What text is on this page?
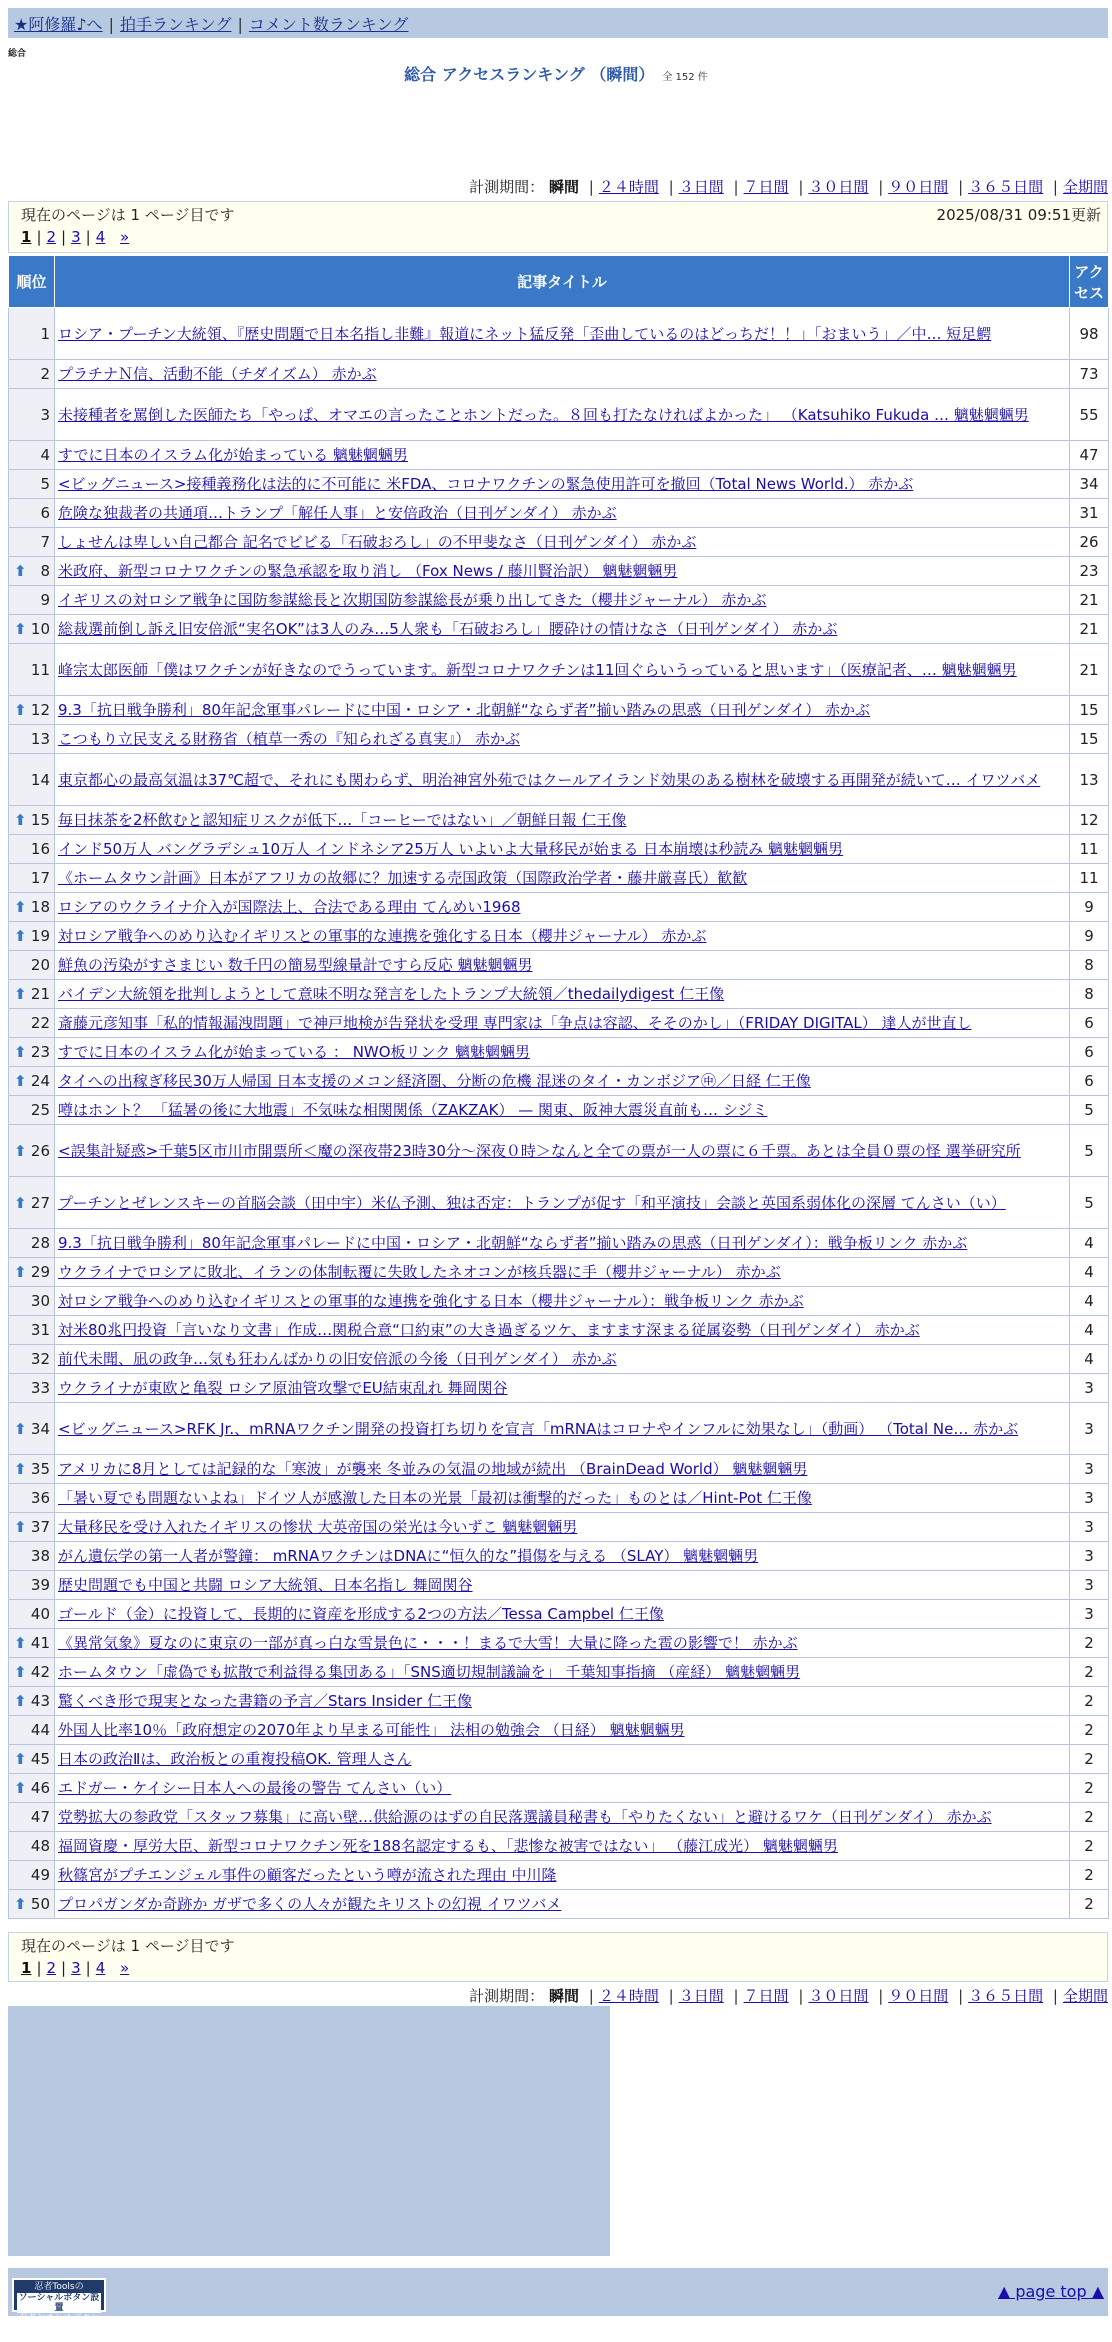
★阿修羅♪へ | 拍手ランキング | コメント数ランキング
総合
総合 アクセスランキング （瞬間） 全 152 件
計測期間： 瞬間 | ２４時間 | ３日間 | ７日間 | ３０日間 | ９０日間 | ３６５日間 | 全期間
現在のページは 1 ページ目です	2025/08/31 09:51更新
1 | 2 | 3 | 4 »
順位	記事タイトル	アクセス
1	ロシア・プーチン大統領、『歴史問題で日本名指し非難』報道にネット猛反発「歪曲しているのはどっちだ！！」「おまいう」／中… 短足鰐	98
2	プラチナＮ信、活動不能（チダイズム） 赤かぶ	73
3	未接種者を罵倒した医師たち「やっぱ、オマエの言ったことホントだった。８回も打たなければよかった」 （Katsuhiko Fukuda … 魑魅魍魎男	55
4	すでに日本のイスラム化が始まっている 魑魅魍魎男	47
5	<ビッグニュース>接種義務化は法的に不可能に 米FDA、コロナワクチンの緊急使用許可を撤回（Total News World.） 赤かぶ	34
6	危険な独裁者の共通項…トランプ「解任人事」と安倍政治（日刊ゲンダイ） 赤かぶ	31
7	しょせんは卑しい自己都合 記名でビビる「石破おろし」の不甲斐なさ（日刊ゲンダイ） 赤かぶ	26

⬆ 8	米政府、新型コロナワクチンの緊急承認を取り消し （Fox News / 藤川賢治訳） 魑魅魍魎男	23
9	イギリスの対ロシア戦争に国防参謀総長と次期国防参謀総長が乗り出してきた（櫻井ジャーナル） 赤かぶ	21

⬆ 10	総裁選前倒し訴え旧安倍派“実名OK”は3人のみ…5人衆も「石破おろし」腰砕けの情けなさ（日刊ゲンダイ） 赤かぶ	21
11	峰宗太郎医師「僕はワクチンが好きなのでうっています。新型コロナワクチンは11回ぐらいうっていると思います」（医療記者、… 魑魅魍魎男	21

⬆ 12	9.3「抗日戦争勝利」80年記念軍事パレードに中国・ロシア・北朝鮮“ならず者”揃い踏みの思惑（日刊ゲンダイ） 赤かぶ	15
13	こつもり立民支える財務省（植草一秀の『知られざる真実』） 赤かぶ	15
14	東京都心の最高気温は37℃超で、それにも関わらず、明治神宮外苑ではクールアイランド効果のある樹林を破壊する再開発が続いて… イワツバメ	13

⬆ 15	毎日抹茶を2杯飲むと認知症リスクが低下…「コーヒーではない」／朝鮮日報 仁王像	12
16	インド50万人 バングラデシュ10万人 インドネシア25万人 いよいよ大量移民が始まる 日本崩壊は秒読み 魑魅魍魎男	11
17	《ホームタウン計画》日本がアフリカの故郷に？加速する売国政策（国際政治学者・藤井厳喜氏）歓歓	11

⬆ 18	ロシアのウクライナ介入が国際法上、合法である理由 てんめい1968	9

⬆ 19	対ロシア戦争へのめり込むイギリスとの軍事的な連携を強化する日本（櫻井ジャーナル） 赤かぶ	9
20	鮮魚の汚染がすさまじい 数千円の簡易型線量計ですら反応 魑魅魍魎男	8

⬆ 21	バイデン大統領を批判しようとして意味不明な発言をしたトランプ大統領／thedailydigest 仁王像	8
22	斎藤元彦知事「私的情報漏洩問題」で神戸地検が告発状を受理 専門家は「争点は容認、そそのかし」（FRIDAY DIGITAL） 達人が世直し	6

⬆ 23	すでに日本のイスラム化が始まっている ： NWO板リンク 魑魅魍魎男	6

⬆ 24	タイへの出稼ぎ移民30万人帰国 日本支援のメコン経済圏、分断の危機 混迷のタイ・カンボジア㊥／日経 仁王像	6
25	噂はホント？ 「猛暑の後に大地震」不気味な相関関係（ZAKZAK） — 関東、阪神大震災直前も… シジミ	5

⬆ 26	<誤集計疑惑>千葉5区市川市開票所＜魔の深夜帯23時30分～深夜０時＞なんと全ての票が一人の票に６千票。あとは全員０票の怪 選挙研究所	5

⬆ 27	プーチンとゼレンスキーの首脳会談（田中宇）米仏予測、独は否定：トランプが促す「和平演技」会談と英国系弱体化の深層 てんさい（い）	5
28	9.3「抗日戦争勝利」80年記念軍事パレードに中国・ロシア・北朝鮮“ならず者”揃い踏みの思惑（日刊ゲンダイ）：戦争板リンク 赤かぶ	4

⬆ 29	ウクライナでロシアに敗北、イランの体制転覆に失敗したネオコンが核兵器に手（櫻井ジャーナル） 赤かぶ	4
30	対ロシア戦争へのめり込むイギリスとの軍事的な連携を強化する日本（櫻井ジャーナル）：戦争板リンク 赤かぶ	4
31	対米80兆円投資「言いなり文書」作成…関税合意“口約束”の大き過ぎるツケ、ますます深まる従属姿勢（日刊ゲンダイ） 赤かぶ	4
32	前代未聞、凪の政争…気も狂わんばかりの旧安倍派の今後（日刊ゲンダイ） 赤かぶ	4
33	ウクライナが東欧と亀裂 ロシア原油管攻撃でEU結束乱れ 舞岡関谷	3

⬆ 34	<ビッグニュース>RFK Jr.、mRNAワクチン開発の投資打ち切りを宣言「mRNAはコロナやインフルに効果なし」（動画） （Total Ne… 赤かぶ	3

⬆ 35	アメリカに8月としては記録的な「寒波」が襲来 冬並みの気温の地域が続出 （BrainDead World） 魑魅魍魎男	3
36	「暑い夏でも問題ないよね」ドイツ人が感激した日本の光景「最初は衝撃的だった」ものとは／Hint-Pot 仁王像	3

⬆ 37	大量移民を受け入れたイギリスの惨状 大英帝国の栄光は今いずこ 魑魅魍魎男	3
38	がん遺伝学の第一人者が警鐘： mRNAワクチンはDNAに“恒久的な”損傷を与える （SLAY） 魑魅魍魎男	3
39	歴史問題でも中国と共闘 ロシア大統領、日本名指し 舞岡関谷	3
40	ゴールド（金）に投資して、長期的に資産を形成する2つの方法／Tessa Campbel 仁王像	3

⬆ 41	《異常気象》夏なのに東京の一部が真っ白な雪景色に・・・！まるで大雪！大量に降った雹の影響で！ 赤かぶ	2

⬆ 42	ホームタウン「虚偽でも拡散で利益得る集団ある」「SNS適切規制議論を」 千葉知事指摘 （産経） 魑魅魍魎男	2

⬆ 43	驚くべき形で現実となった書籍の予言／Stars Insider 仁王像	2
44	外国人比率10％「政府想定の2070年より早まる可能性」 法相の勉強会 （日経） 魑魅魍魎男	2

⬆ 45	日本の政治Ⅱは、政治板との重複投稿OK. 管理人さん	2

⬆ 46	エドガー・ケイシー日本人への最後の警告 てんさい（い）	2
47	党勢拡大の参政党「スタッフ募集」に高い壁…供給源のはずの自民落選議員秘書も「やりたくない」と避けるワケ（日刊ゲンダイ） 赤かぶ	2
48	福岡資慶・厚労大臣、新型コロナワクチン死を188名認定するも、「悲惨な被害ではない」 （藤江成光） 魑魅魍魎男	2
49	秋篠宮がプチエンジェル事件の顧客だったという噂が流された理由 中川隆	2

⬆ 50	プロパガンダか奇跡か ガザで多くの人々が観たキリストの幻視 イワツバメ	2
計測期間： 瞬間 | ２４時間 | ３日間 | ７日間 | ３０日間 | ９０日間 | ３６５日間 | 全期間
現在のページは 1 ページ目です
1 | 2 | 3 | 4 »
忍者Toolsの
ソーシャルボタン設置
忍者おまとめボタン
▲ page top ▲
